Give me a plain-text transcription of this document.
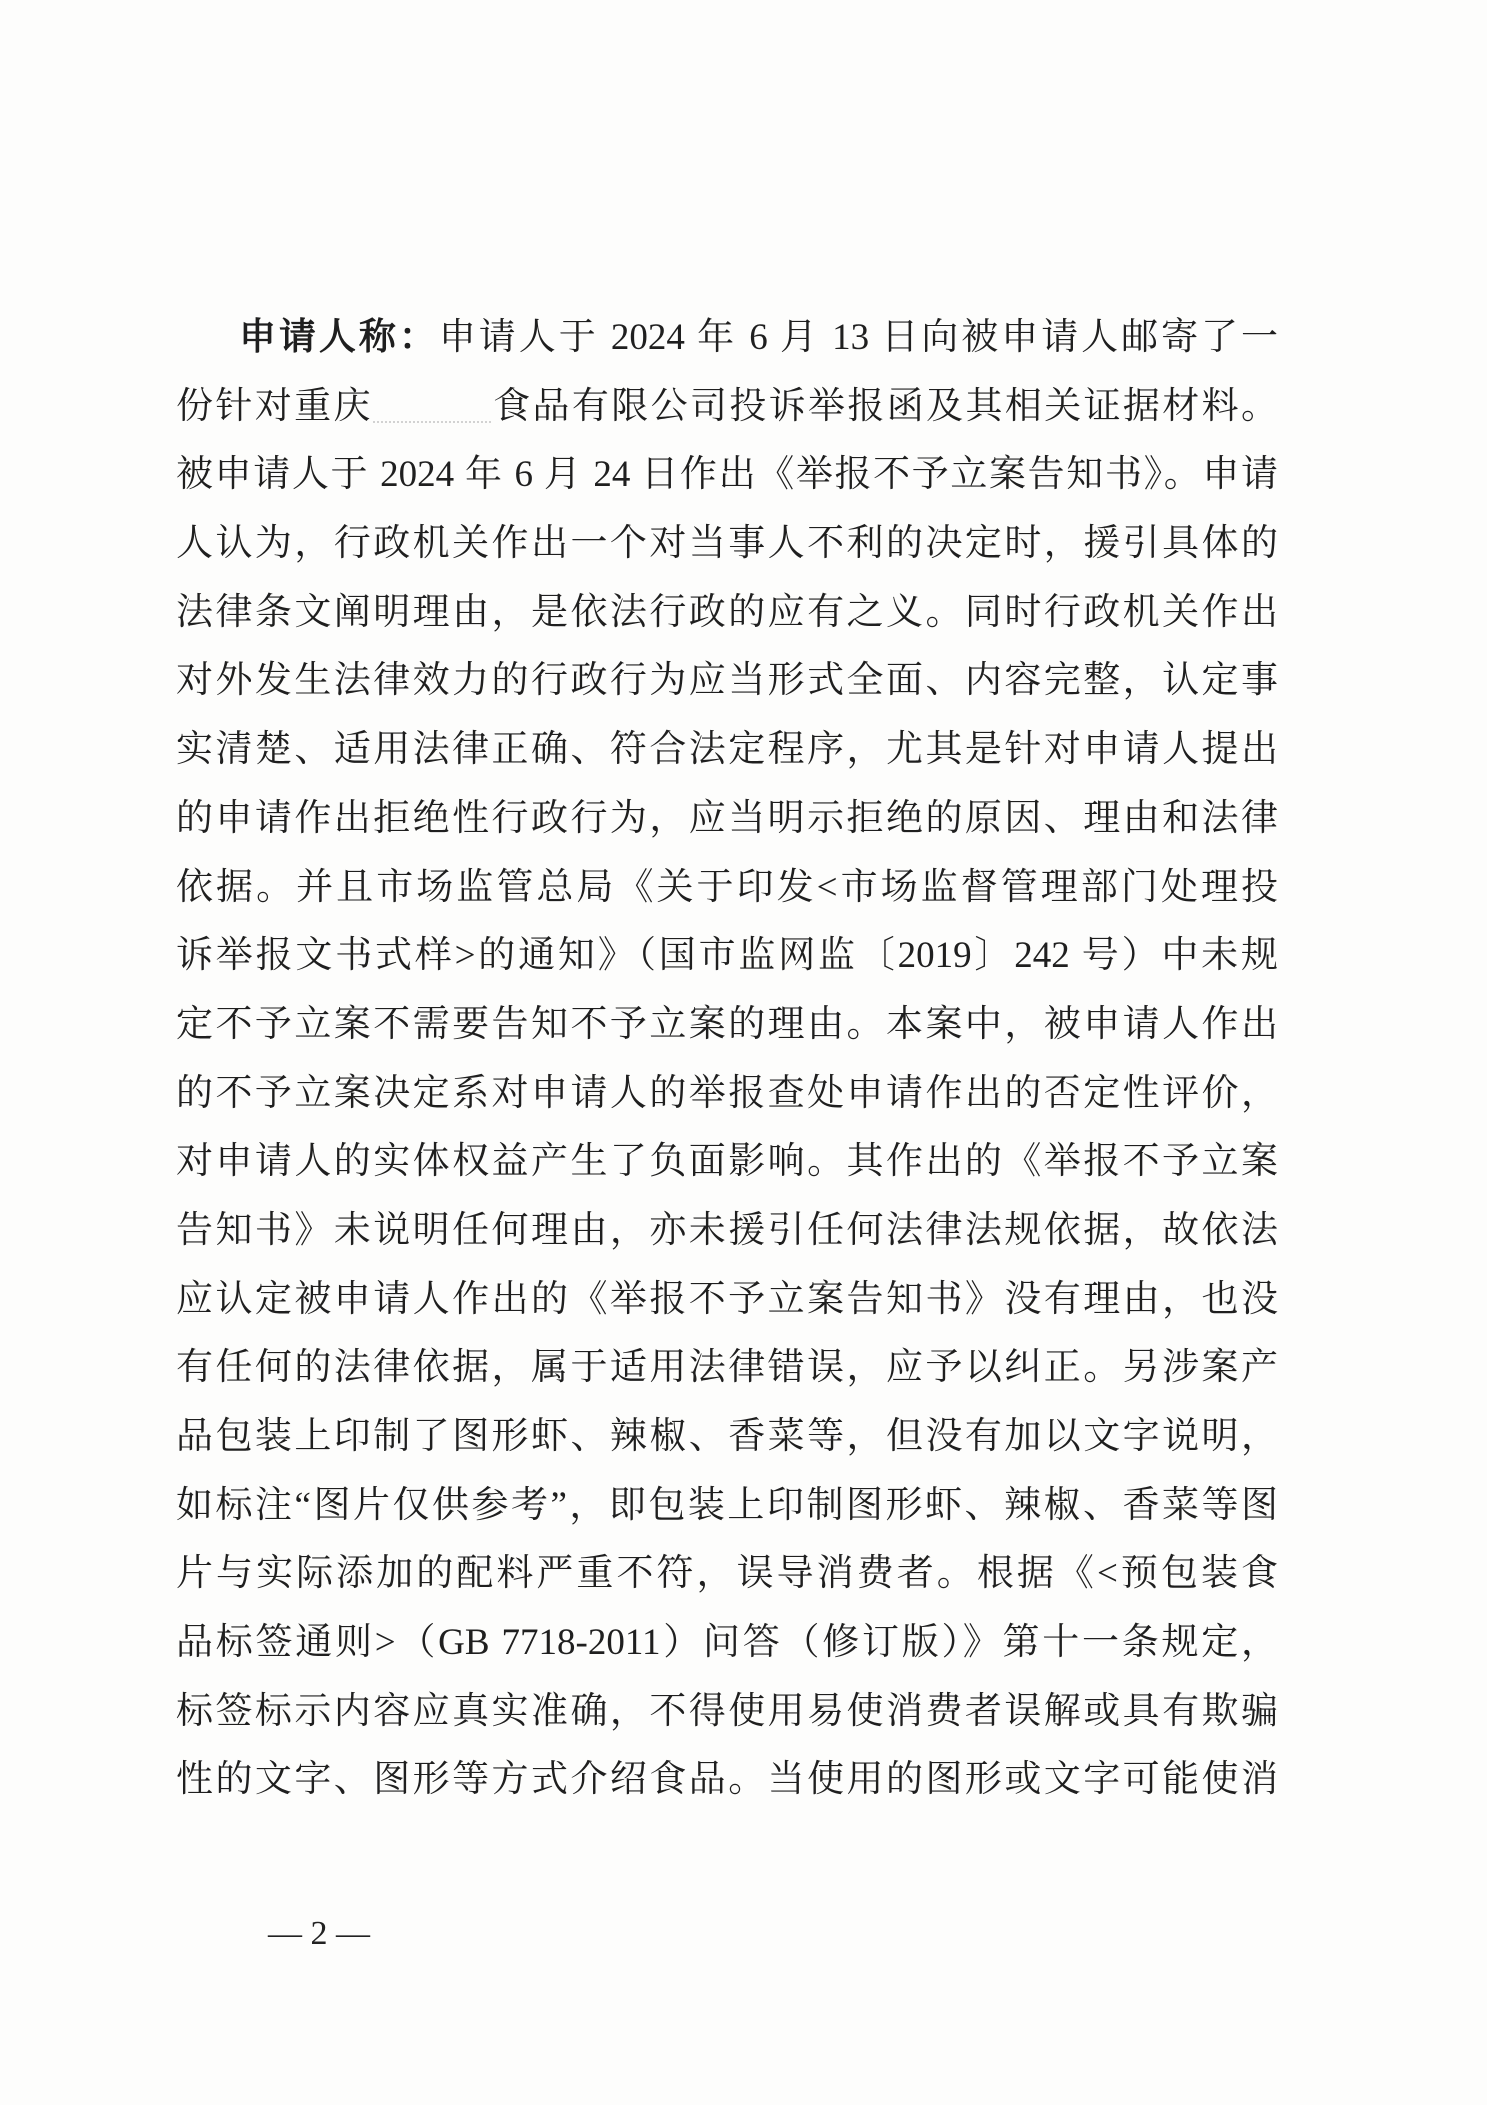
申请人称：申请人于 2024 年 6 月 13 日向被申请人邮寄了一
份针对重庆	食品有限公司投诉举报函及其相关证据材料。
被申请人于 2024 年 6 月 24 日作出《举报不予立案告知书》。申请
人认为，行政机关作出一个对当事人不利的决定时，援引具体的
法律条文阐明理由，是依法行政的应有之义。同时行政机关作出
对外发生法律效力的行政行为应当形式全面、内容完整，认定事
实清楚、适用法律正确、符合法定程序，尤其是针对申请人提出
的申请作出拒绝性行政行为，应当明示拒绝的原因、理由和法律
依据。并且市场监管总局《关于印发<市场监督管理部门处理投
诉举报文书式样>的通知》（国市监网监〔2019〕242 号）中未规
定不予立案不需要告知不予立案的理由。本案中，被申请人作出
的不予立案决定系对申请人的举报查处申请作出的否定性评价，
对申请人的实体权益产生了负面影响。其作出的《举报不予立案
告知书》未说明任何理由，亦未援引任何法律法规依据，故依法
应认定被申请人作出的《举报不予立案告知书》没有理由，也没
有任何的法律依据，属于适用法律错误，应予以纠正。另涉案产
品包装上印制了图形虾、辣椒、香菜等，但没有加以文字说明，
如标注“图片仅供参考”，即包装上印制图形虾、辣椒、香菜等图
片与实际添加的配料严重不符，误导消费者。根据《<预包装食
品标签通则>（GB 7718-2011）问答（修订版）》第十一条规定，
标签标示内容应真实准确，不得使用易使消费者误解或具有欺骗
性的文字、图形等方式介绍食品。当使用的图形或文字可能使消
— 2 —
